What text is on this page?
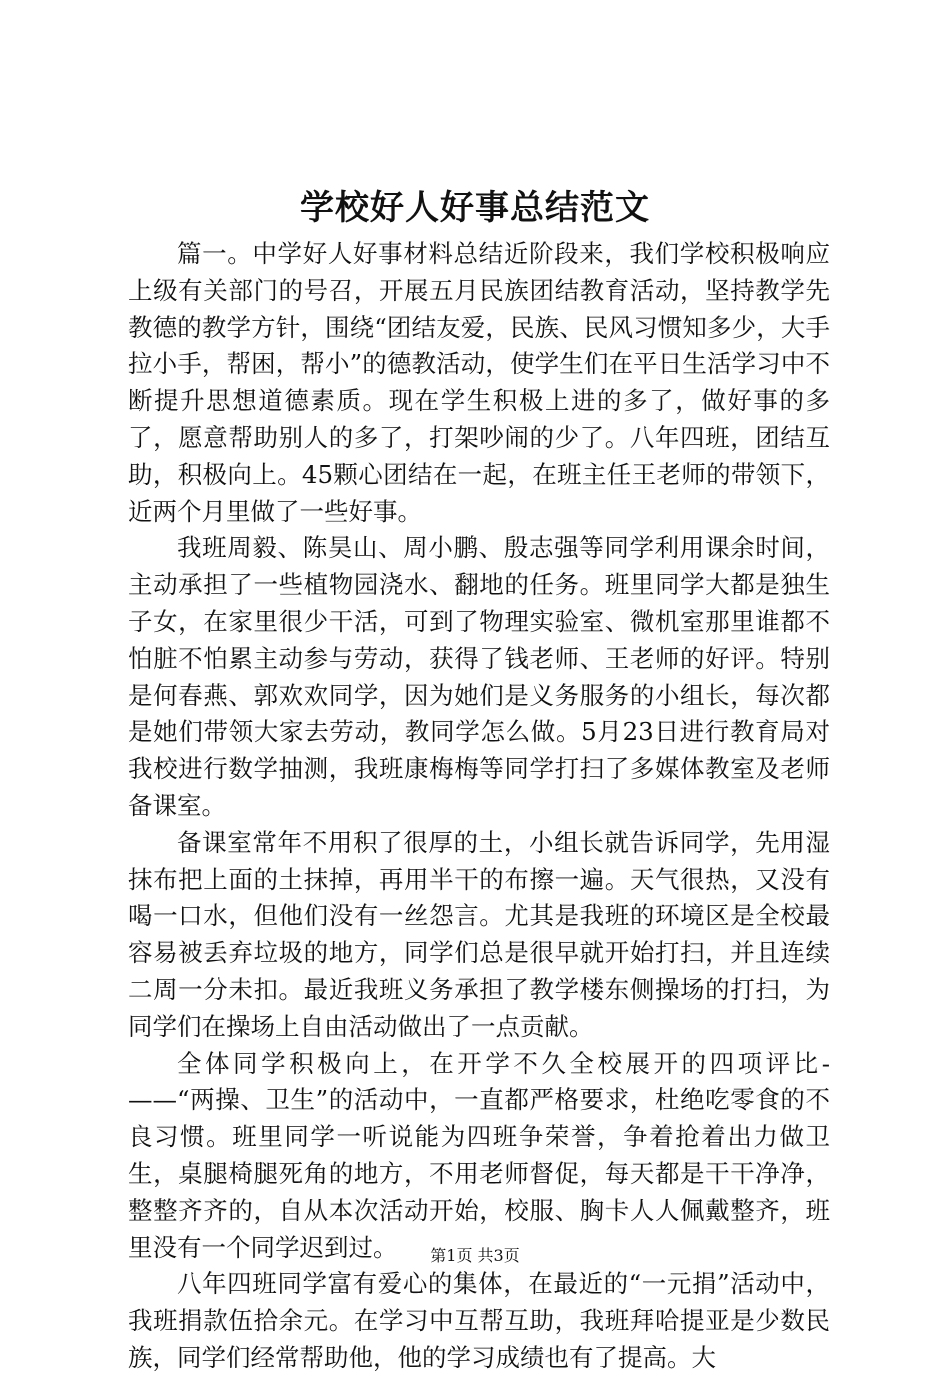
学校好人好事总结范文

篇一。中学好人好事材料总结近阶段来，我们学校积极响应上级有关部门的号召，开展五月民族团结教育活动，坚持教学先教德的教学方针，围绕“团结友爱，民族、民风习惯知多少，大手拉小手，帮困，帮小”的德教活动，使学生们在平日生活学习中不断提升思想道德素质。现在学生积极上进的多了，做好事的多了，愿意帮助别人的多了，打架吵闹的少了。八年四班，团结互助，积极向上。45颗心团结在一起，在班主任王老师的带领下，近两个月里做了一些好事。

我班周毅、陈昊山、周小鹏、殷志强等同学利用课余时间，主动承担了一些植物园浇水、翻地的任务。班里同学大都是独生子女，在家里很少干活，可到了物理实验室、微机室那里谁都不怕脏不怕累主动参与劳动，获得了钱老师、王老师的好评。特别是何春燕、郭欢欢同学，因为她们是义务服务的小组长，每次都是她们带领大家去劳动，教同学怎么做。5月23日进行教育局对我校进行数学抽测，我班康梅梅等同学打扫了多媒体教室及老师备课室。

备课室常年不用积了很厚的土，小组长就告诉同学，先用湿抹布把上面的土抹掉，再用半干的布擦一遍。天气很热，又没有喝一口水，但他们没有一丝怨言。尤其是我班的环境区是全校最容易被丢弃垃圾的地方，同学们总是很早就开始打扫，并且连续二周一分未扣。最近我班义务承担了教学楼东侧操场的打扫，为同学们在操场上自由活动做出了一点贡献。

全体同学积极向上，在开学不久全校展开的四项评比-——“两操、卫生”的活动中，一直都严格要求，杜绝吃零食的不良习惯。班里同学一听说能为四班争荣誉，争着抢着出力做卫生，桌腿椅腿死角的地方，不用老师督促，每天都是干干净净，整整齐齐的，自从本次活动开始，校服、胸卡人人佩戴整齐，班里没有一个同学迟到过。

八年四班同学富有爱心的集体，在最近的“一元捐”活动中，我班捐款伍拾余元。在学习中互帮互助，我班拜哈提亚是少数民族，同学们经常帮助他，他的学习成绩也有了提高。大

第1页 共3页
